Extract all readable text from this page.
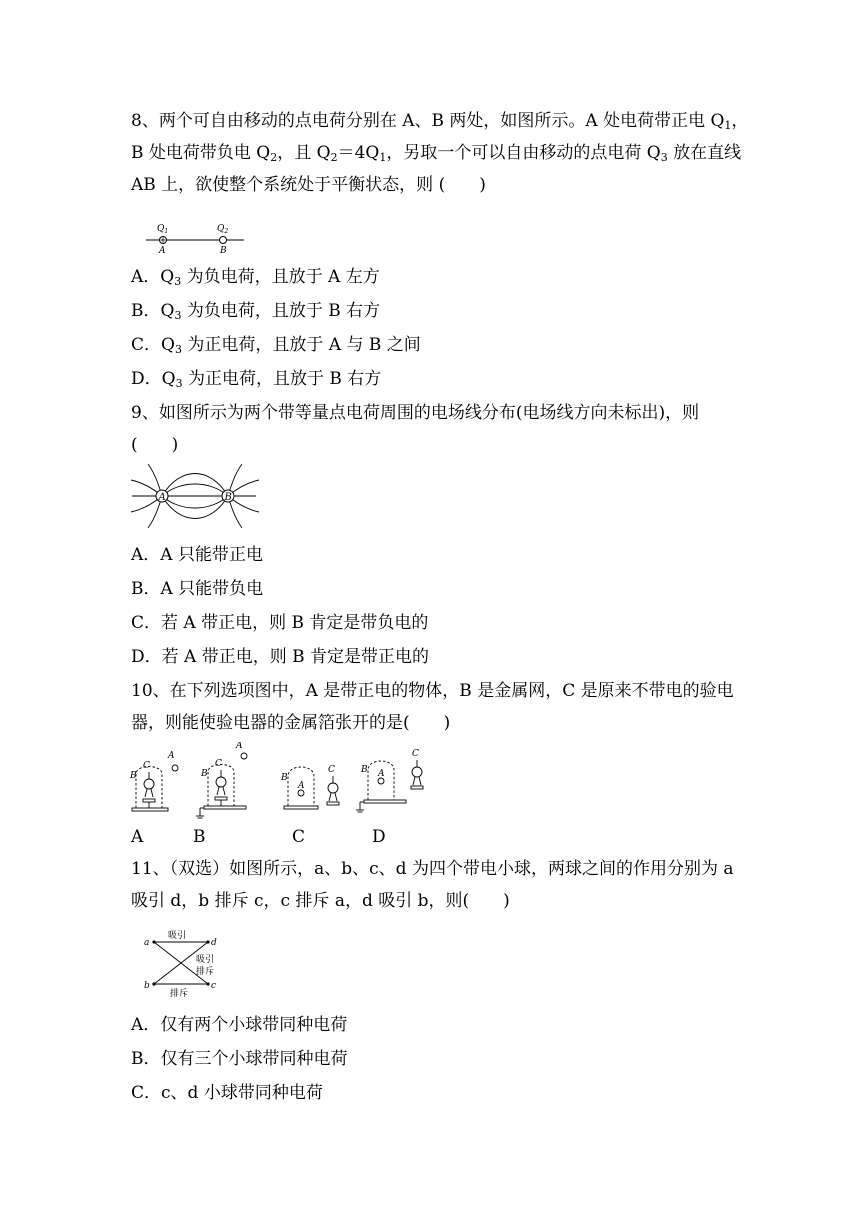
8、两个可自由移动的点电荷分别在 A、B 两处，如图所示。A 处电荷带正电 $Q_1$，
B 处电荷带负电 $Q_2$，且 $Q_2=4Q_1$，另取一个可以自由移动的点电荷 $Q_3$ 放在直线
AB 上，欲使整个系统处于平衡状态，则 (　　)
$Q_1$	$Q_2$
A	B
A．$Q_3$ 为负电荷，且放于 A 左方
B．$Q_3$ 为负电荷，且放于 B 右方
C．$Q_3$ 为正电荷，且放于 A 与 B 之间
D．$Q_3$ 为正电荷，且放于 B 右方
9、如图所示为两个带等量点电荷周围的电场线分布(电场线方向未标出)，则
(　　)
A	B
A．A 只能带正电
B．A 只能带负电
C．若 A 带正电，则 B 肯定是带负电的
D．若 A 带正电，则 B 肯定是带正电的
10、在下列选项图中，A 是带正电的物体，B 是金属网，C 是原来不带电的验电
器，则能使验电器的金属箔张开的是(　　)
B
C
A
B
C
A
B
A
C	B A
C
A	B	C	D
11、（双选）如图所示，a、b、c、d 为四个带电小球，两球之间的作用分别为 a
吸引 d，b 排斥 c，c 排斥 a，d 吸引 b，则(　　)
a	d
b	c
吸引
吸引
排斥
排斥
A．仅有两个小球带同种电荷
B．仅有三个小球带同种电荷
C．c、d 小球带同种电荷
